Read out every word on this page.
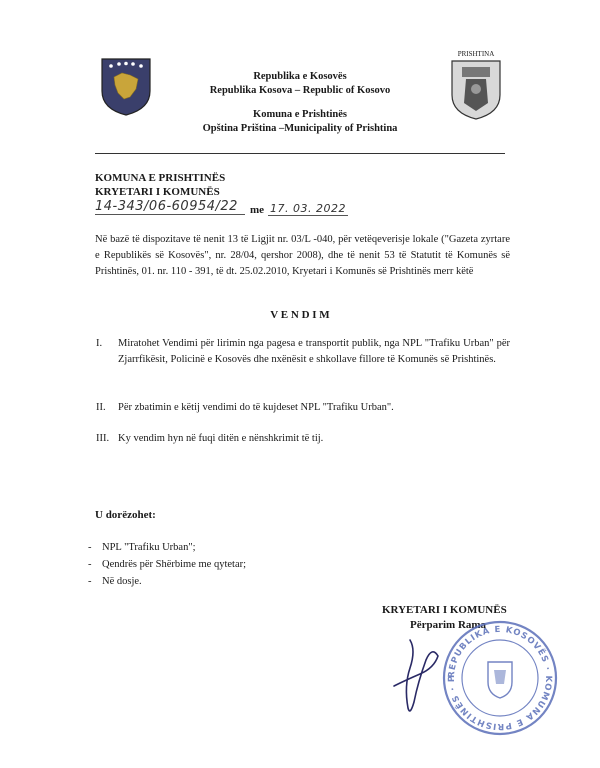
Republika e Kosovës
Republika Kosova – Republic of Kosovo
Komuna e Prishtinës
Opština Priština –Municipality of Prishtina
PRISHTINA
KOMUNA E PRISHTINËS
KRYETARI I KOMUNËS
14-343/06-60954/22	me 17. 03. 2022
Në bazë të dispozitave të nenit 13 të Ligjit nr. 03/L -040, për vetëqeverisje lokale ("Gazeta zyrtare e Republikës së Kosovës", nr. 28/04, qershor 2008), dhe të nenit 53 të Statutit të Komunës së Prishtinës, 01. nr. 110 - 391, të dt. 25.02.2010, Kryetari i Komunës së Prishtinës merr këtë
V E N D I M
I. Miratohet Vendimi për lirimin nga pagesa e transportit publik, nga NPL "Trafiku Urban" për Zjarrfikësit, Policinë e Kosovës dhe nxënësit e shkollave fillore të Komunës së Prishtinës.
II. Për zbatimin e këtij vendimi do të kujdeset NPL "Trafiku Urban".
III. Ky vendim hyn në fuqi ditën e nënshkrimit të tij.
U dorëzohet:
- NPL "Trafiku Urban";
- Qendrës për Shërbime me qytetar;
- Në dosje.
KRYETARI I KOMUNËS
Përparim Rama
REPUBLIKA E KOSOVËS · KOMUNA E PRISHTINËS · P
